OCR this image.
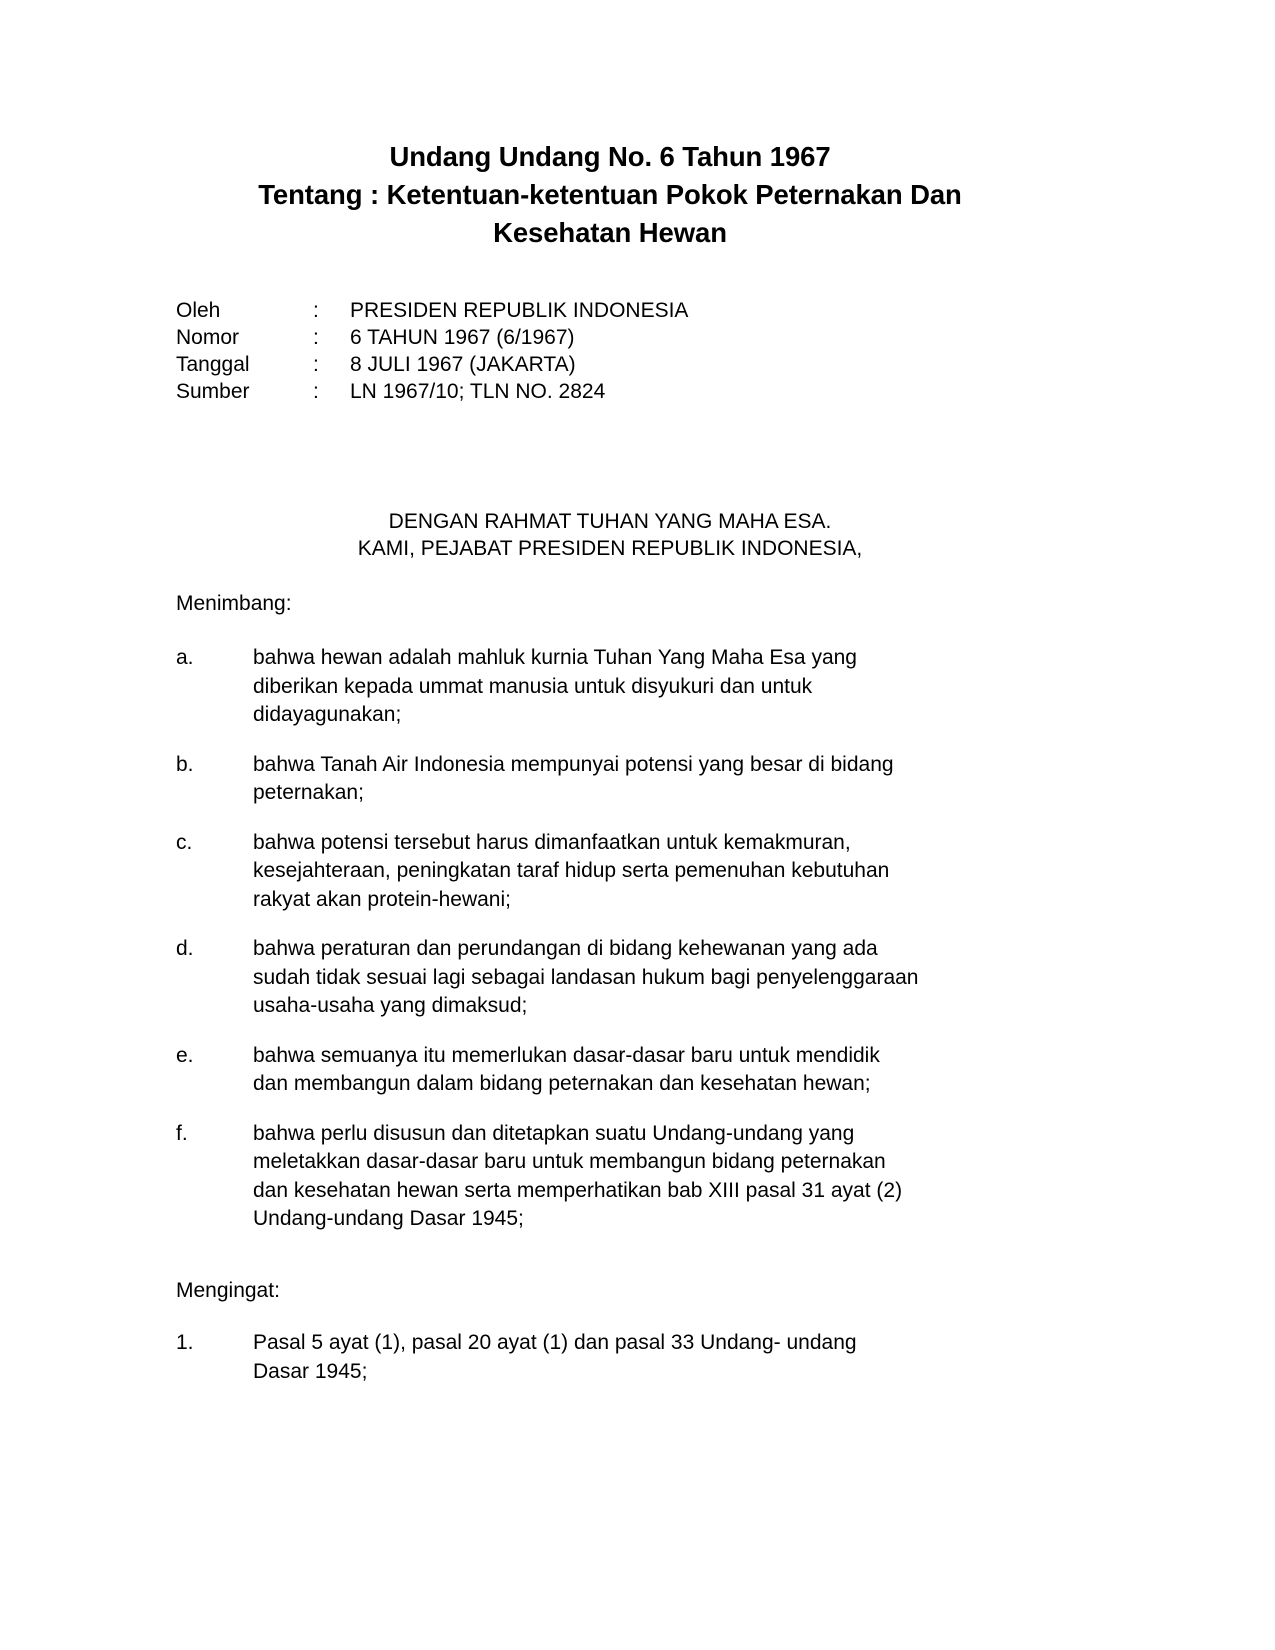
Undang Undang No. 6 Tahun 1967
Tentang : Ketentuan-ketentuan Pokok Peternakan Dan
Kesehatan Hewan
Oleh	:	PRESIDEN REPUBLIK INDONESIA
Nomor	:	6 TAHUN 1967 (6/1967)
Tanggal	:	8 JULI 1967 (JAKARTA)
Sumber	:	LN 1967/10; TLN NO. 2824
DENGAN RAHMAT TUHAN YANG MAHA ESA.
KAMI, PEJABAT PRESIDEN REPUBLIK INDONESIA,
Menimbang:
a.	bahwa hewan adalah mahluk kurnia Tuhan Yang Maha Esa yang
diberikan kepada ummat manusia untuk disyukuri dan untuk
didayagunakan;
b.	bahwa Tanah Air Indonesia mempunyai potensi yang besar di bidang
peternakan;
c.	bahwa potensi tersebut harus dimanfaatkan untuk kemakmuran,
kesejahteraan, peningkatan taraf hidup serta pemenuhan kebutuhan
rakyat akan protein-hewani;
d.	bahwa peraturan dan perundangan di bidang kehewanan yang ada
sudah tidak sesuai lagi sebagai landasan hukum bagi penyelenggaraan
usaha-usaha yang dimaksud;
e.	bahwa semuanya itu memerlukan dasar-dasar baru untuk mendidik
dan membangun dalam bidang peternakan dan kesehatan hewan;
f.	bahwa perlu disusun dan ditetapkan suatu Undang-undang yang
meletakkan dasar-dasar baru untuk membangun bidang peternakan
dan kesehatan hewan serta memperhatikan bab XIII pasal 31 ayat (2)
Undang-undang Dasar 1945;
Mengingat:
1.	Pasal 5 ayat (1), pasal 20 ayat (1) dan pasal 33 Undang- undang
Dasar 1945;
